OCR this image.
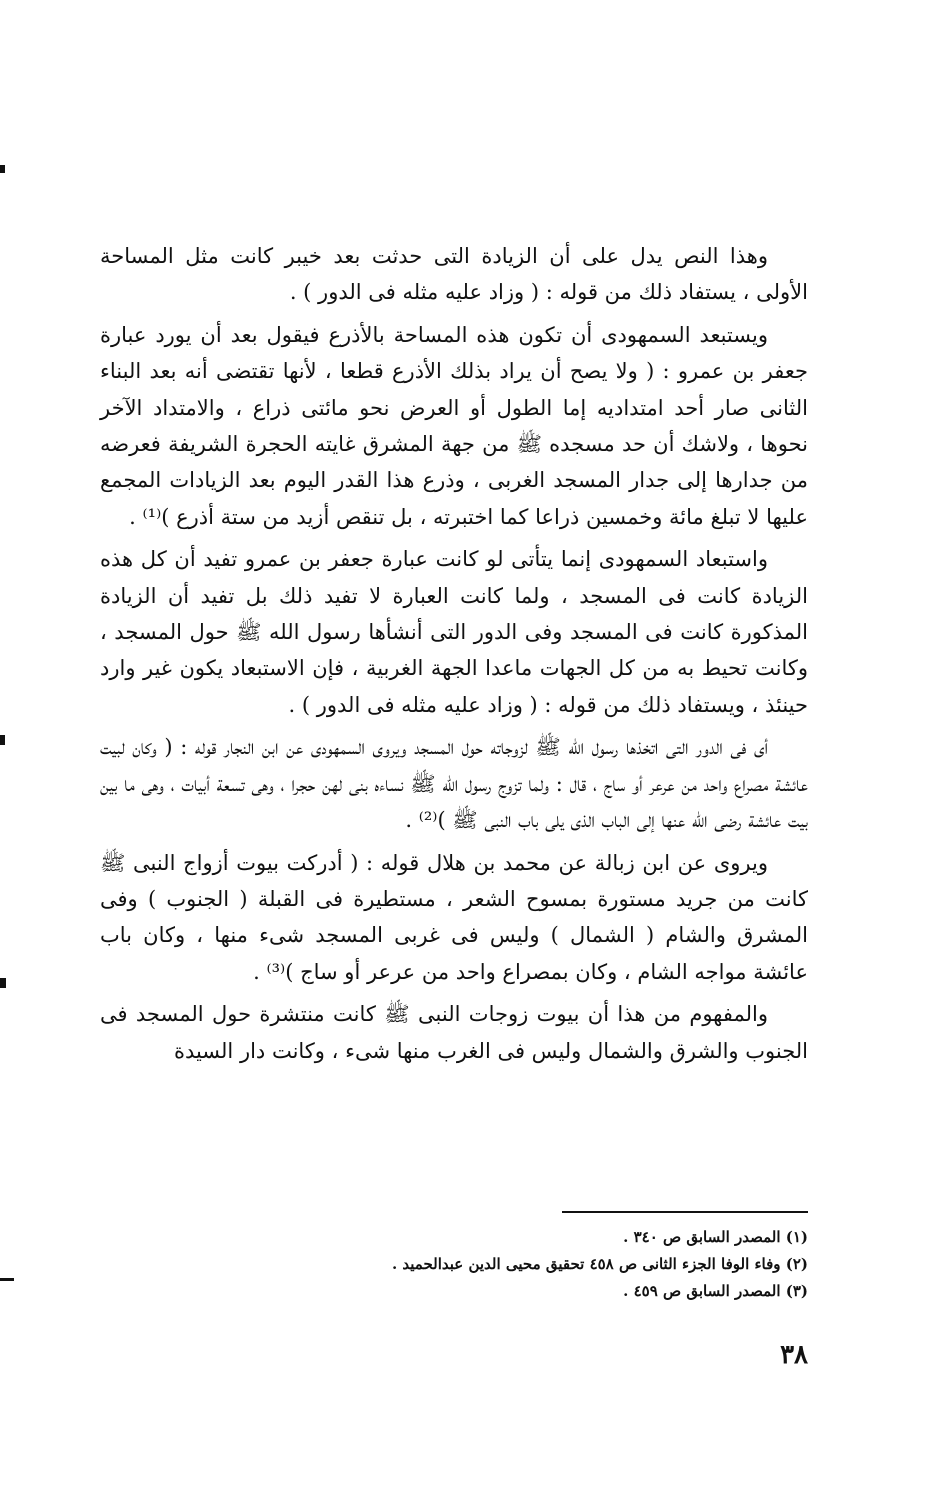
وهذا النص يدل على أن الزيادة التى حدثت بعد خيبر كانت مثل المساحة الأولى ، يستفاد ذلك من قوله : ( وزاد عليه مثله فى الدور ) .

ويستبعد السمهودى أن تكون هذه المساحة بالأذرع فيقول بعد أن يورد عبارة جعفر بن عمرو : ( ولا يصح أن يراد بذلك الأذرع قطعا ، لأنها تقتضى أنه بعد البناء الثانى صار أحد امتداديه إما الطول أو العرض نحو مائتى ذراع ، والامتداد الآخر نحوها ، ولاشك أن حد مسجده ﷺ من جهة المشرق غايته الحجرة الشريفة فعرضه من جدارها إلى جدار المسجد الغربى ، وذرع هذا القدر اليوم بعد الزيادات المجمع عليها لا تبلغ مائة وخمسين ذراعا كما اختبرته ، بل تنقص أزيد من ستة أذرع )⁽¹⁾ .

واستبعاد السمهودى إنما يتأتى لو كانت عبارة جعفر بن عمرو تفيد أن كل هذه الزيادة كانت فى المسجد ، ولما كانت العبارة لا تفيد ذلك بل تفيد أن الزيادة المذكورة كانت فى المسجد وفى الدور التى أنشأها رسول الله ﷺ حول المسجد ، وكانت تحيط به من كل الجهات ماعدا الجهة الغربية ، فإن الاستبعاد يكون غير وارد حينئذ ، ويستفاد ذلك من قوله : ( وزاد عليه مثله فى الدور ) .

أى فى الدور التى اتخذها رسول الله ﷺ لزوجاته حول المسجد ويروى السمهودى عن ابن النجار قوله : ( وكان لبيت عائشة مصراع واحد من عرعر أو ساج ، قال : ولما تزوج رسول الله ﷺ نساءه بنى لهن حجرا ، وهى تسعة أبيات ، وهى ما بين بيت عائشة رضى الله عنها إلى الباب الذى يلى باب النبى ﷺ )⁽²⁾ .

ويروى عن ابن زبالة عن محمد بن هلال قوله : ( أدركت بيوت أزواج النبى ﷺ كانت من جريد مستورة بمسوح الشعر ، مستطيرة فى القبلة ( الجنوب ) وفى المشرق والشام ( الشمال ) وليس فى غربى المسجد شىء منها ، وكان باب عائشة مواجه الشام ، وكان بمصراع واحد من عرعر أو ساج )⁽³⁾ .

والمفهوم من هذا أن بيوت زوجات النبى ﷺ كانت منتشرة حول المسجد فى الجنوب والشرق والشمال وليس فى الغرب منها شىء ، وكانت دار السيدة

(١) المصدر السابق ص ٣٤٠ .
(٢) وفاء الوفا الجزء الثانى ص ٤٥٨ تحقيق محيى الدين عبدالحميد .
(٣) المصدر السابق ص ٤٥٩ .
٣٨
